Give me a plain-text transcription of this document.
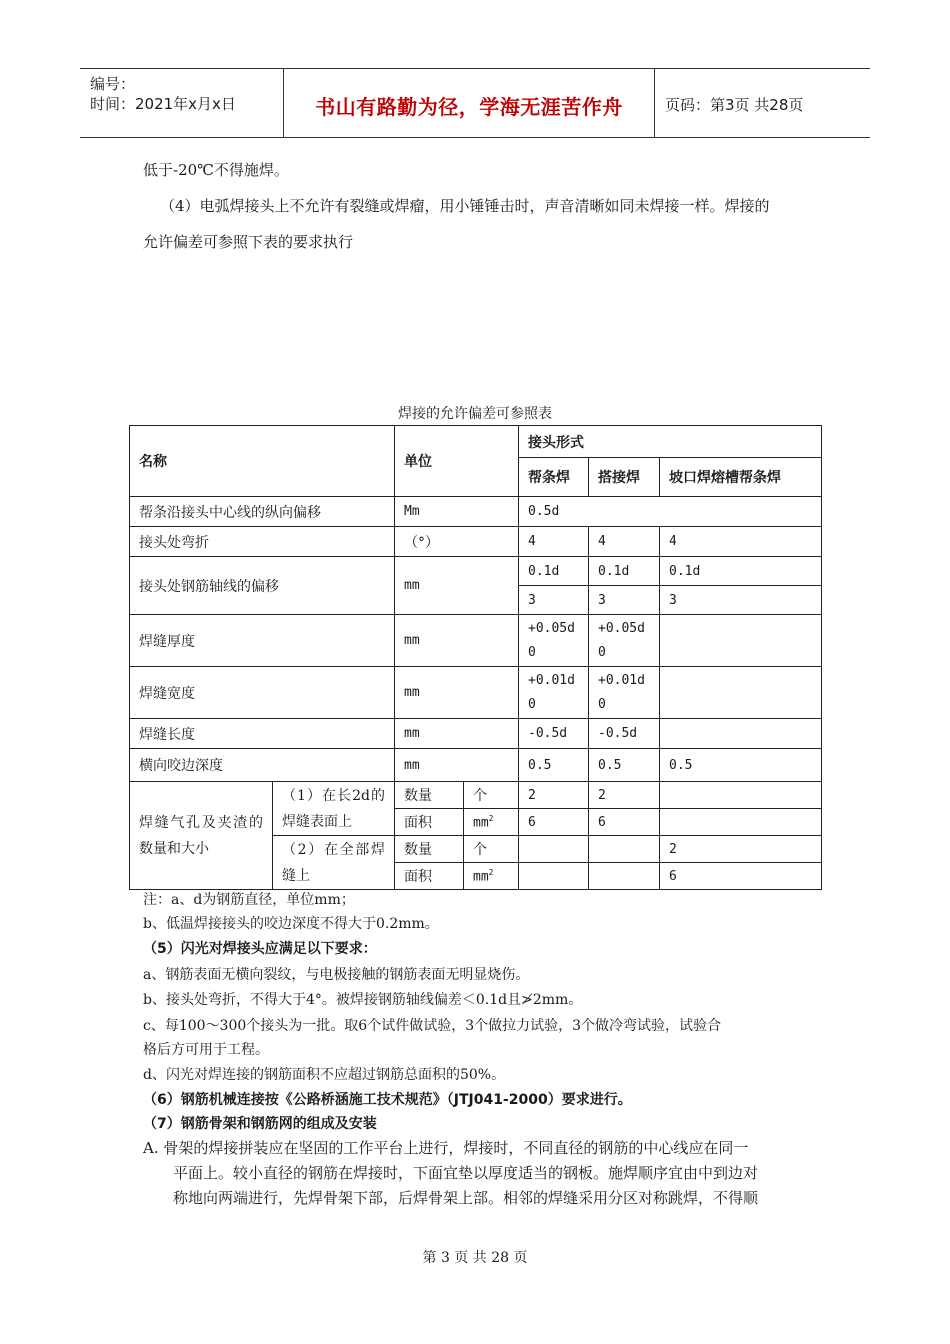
编号：
时间：2021年x月x日	书山有路勤为径，学海无涯苦作舟	页码：第3页 共28页
低于-20℃不得施焊。
（4）电弧焊接头上不允许有裂缝或焊瘤，用小锤锤击时，声音清晰如同未焊接一样。焊接的
允许偏差可参照下表的要求执行
焊接的允许偏差可参照表
名称		单位		接头形式		
				帮条焊	搭接焊	坡口焊熔槽帮条焊
帮条沿接头中心线的纵向偏移		Mm		0.5d		
接头处弯折		（°）		4	4	4
接头处钢筋轴线的偏移		mm		0.1d	0.1d	0.1d
				3	3	3
焊缝厚度		mm		+0.05d 0	+0.05d 0	
焊缝宽度		mm		+0.01d 0	+0.01d 0	
焊缝长度		mm		-0.5d	-0.5d	
横向咬边深度		mm		0.5	0.5	0.5
焊缝气孔及夹渣的数量和大小	（1）在长2d的焊缝表面上	数量	个	2	2	
		面积	$mm^2$	6	6	
	（2）在全部焊缝上	数量	个			2
		面积	$mm^2$			6
注：a、d为钢筋直径，单位mm；
b、低温焊接接头的咬边深度不得大于0.2mm。
（5）闪光对焊接头应满足以下要求：
a、钢筋表面无横向裂纹，与电极接触的钢筋表面无明显烧伤。
b、接头处弯折，不得大于4°。被焊接钢筋轴线偏差＜0.1d且≯2mm。
c、每100～300个接头为一批。取6个试件做试验，3个做拉力试验，3个做冷弯试验，试验合
格后方可用于工程。
d、闪光对焊连接的钢筋面积不应超过钢筋总面积的50%。
（6）钢筋机械连接按《公路桥涵施工技术规范》（JTJ041-2000）要求进行。
（7）钢筋骨架和钢筋网的组成及安装
A. 骨架的焊接拼装应在坚固的工作平台上进行，焊接时，不同直径的钢筋的中心线应在同一
平面上。较小直径的钢筋在焊接时，下面宜垫以厚度适当的钢板。施焊顺序宜由中到边对
称地向两端进行，先焊骨架下部，后焊骨架上部。相邻的焊缝采用分区对称跳焊，不得顺
第 3 页 共 28 页
